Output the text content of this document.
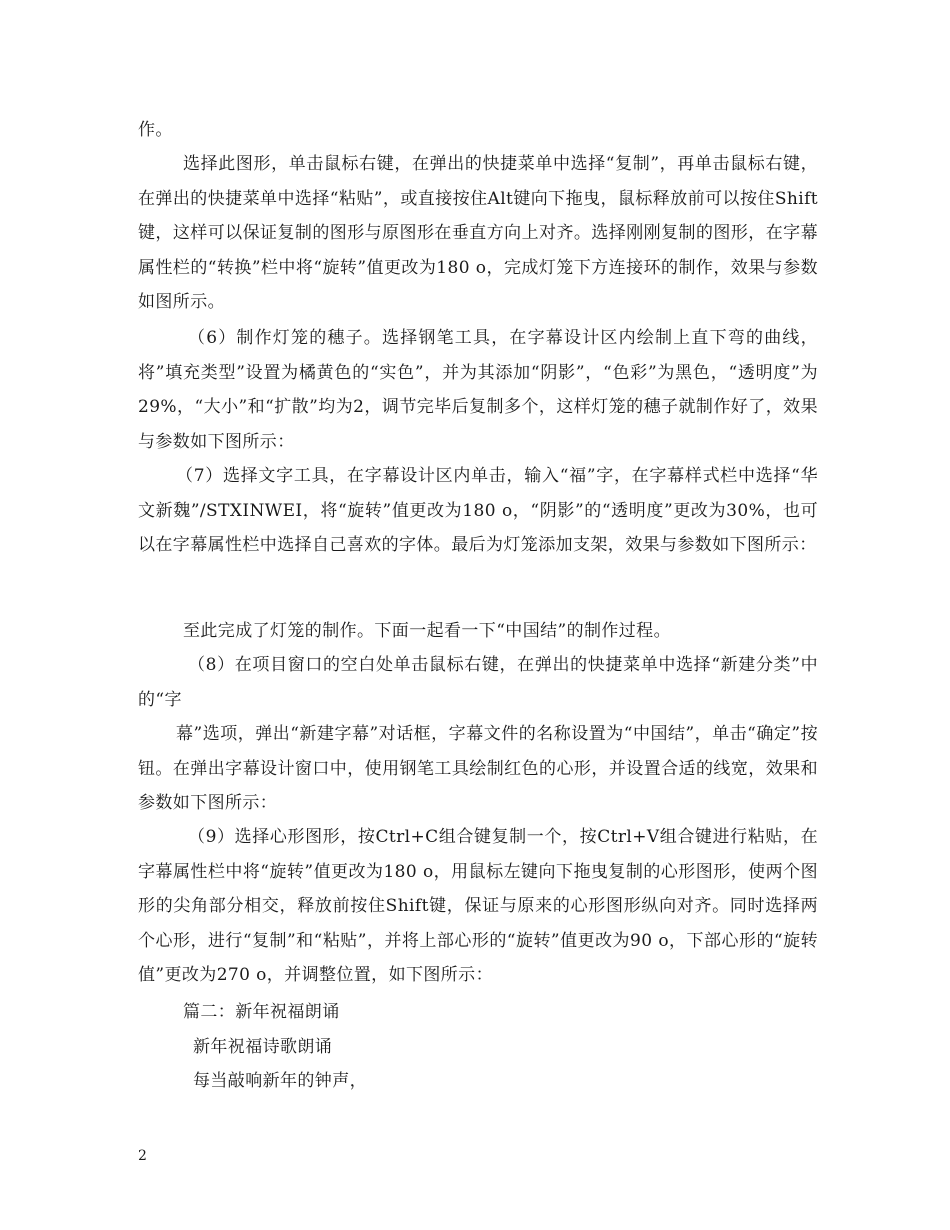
作。

选择此图形，单击鼠标右键，在弹出的快捷菜单中选择“复制”，再单击鼠标右键，在弹出的快捷菜单中选择“粘贴”，或直接按住Alt键向下拖曳，鼠标释放前可以按住Shift键，这样可以保证复制的图形与原图形在垂直方向上对齐。选择刚刚复制的图形，在字幕属性栏的“转换”栏中将“旋转”值更改为180 o，完成灯笼下方连接环的制作，效果与参数如图所示。

（6）制作灯笼的穗子。选择钢笔工具，在字幕设计区内绘制上直下弯的曲线，将”填充类型”设置为橘黄色的“实色”，并为其添加“阴影”，“色彩”为黑色，“透明度”为29%，“大小”和“扩散”均为2，调节完毕后复制多个，这样灯笼的穗子就制作好了，效果与参数如下图所示：

（7）选择文字工具，在字幕设计区内单击，输入“福”字，在字幕样式栏中选择“华文新魏”/STXINWEI，将“旋转”值更改为180 o，“阴影”的“透明度”更改为30%，也可以在字幕属性栏中选择自己喜欢的字体。最后为灯笼添加支架，效果与参数如下图所示：

至此完成了灯笼的制作。下面一起看一下“中国结”的制作过程。

（8）在项目窗口的空白处单击鼠标右键，在弹出的快捷菜单中选择“新建分类”中的“字

幕”选项，弹出“新建字幕”对话框，字幕文件的名称设置为“中国结”，单击“确定”按钮。在弹出字幕设计窗口中，使用钢笔工具绘制红色的心形，并设置合适的线宽，效果和参数如下图所示：

（9）选择心形图形，按Ctrl+C组合键复制一个，按Ctrl+V组合键进行粘贴，在字幕属性栏中将“旋转”值更改为180 o，用鼠标左键向下拖曳复制的心形图形，使两个图形的尖角部分相交，释放前按住Shift键，保证与原来的心形图形纵向对齐。同时选择两个心形，进行“复制”和“粘贴”，并将上部心形的“旋转”值更改为90 o，下部心形的“旋转值”更改为270 o，并调整位置，如下图所示：

篇二：新年祝福朗诵

新年祝福诗歌朗诵

每当敲响新年的钟声，

2
